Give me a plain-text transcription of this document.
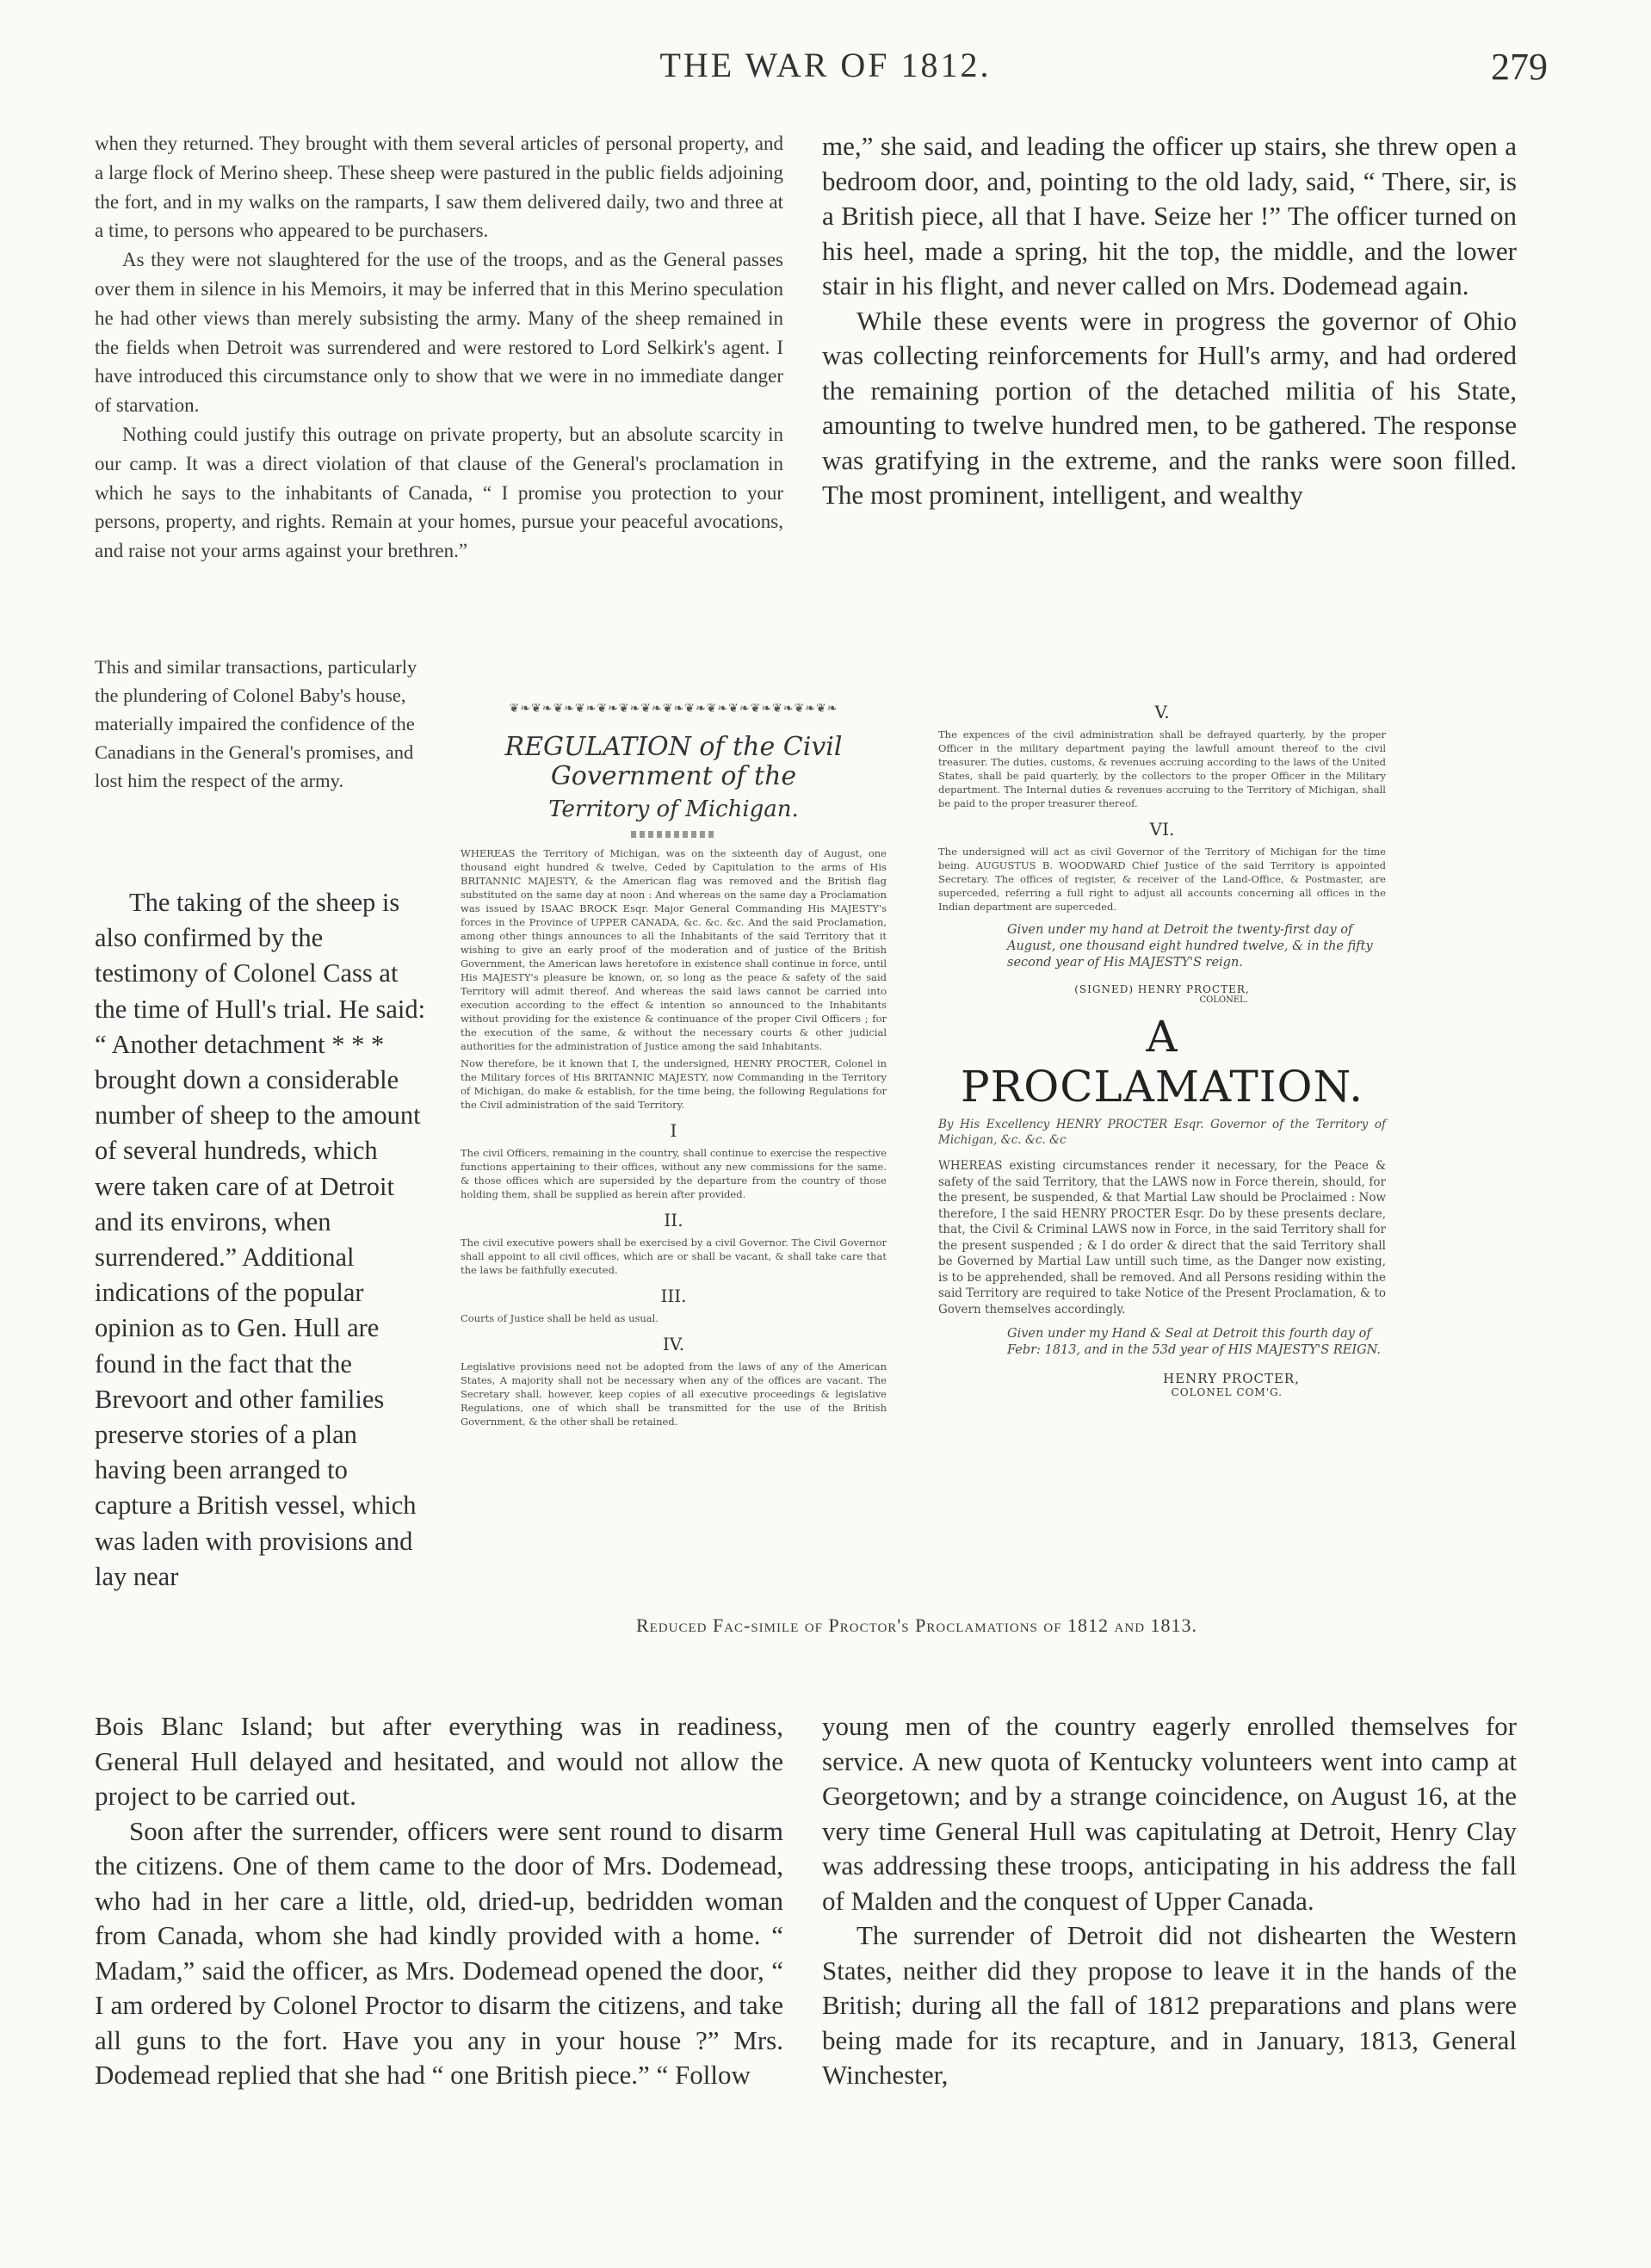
THE WAR OF 1812.	279

when they returned. They brought with them several articles of personal property, and a large flock of Merino sheep. These sheep were pastured in the public fields adjoining the fort, and in my walks on the ramparts, I saw them delivered daily, two and three at a time, to persons who appeared to be purchasers.

As they were not slaughtered for the use of the troops, and as the General passes over them in silence in his Memoirs, it may be inferred that in this Merino speculation he had other views than merely subsisting the army. Many of the sheep remained in the fields when Detroit was surrendered and were restored to Lord Selkirk's agent. I have introduced this circumstance only to show that we were in no immediate danger of starvation.

Nothing could justify this outrage on private property, but an absolute scarcity in our camp. It was a direct violation of that clause of the General's proclamation in which he says to the inhabitants of Canada, “ I promise you protection to your persons, property, and rights. Remain at your homes, pursue your peaceful avocations, and raise not your arms against your brethren.”

This and similar transactions, particularly the plundering of Colonel Baby's house, materially impaired the confidence of the Canadians in the General's promises, and lost him the respect of the army.

The taking of the sheep is also confirmed by the testimony of Colonel Cass at the time of Hull's trial. He said: “ Another detachment * * * brought down a considerable number of sheep to the amount of several hundreds, which were taken care of at Detroit and its environs, when surrendered.” Additional indications of the popular opinion as to Gen. Hull are found in the fact that the Brevoort and other families preserve stories of a plan having been arranged to capture a British vessel, which was laden with provisions and lay near

me,” she said, and leading the officer up stairs, she threw open a bedroom door, and, pointing to the old lady, said, “ There, sir, is a British piece, all that I have. Seize her !” The officer turned on his heel, made a spring, hit the top, the middle, and the lower stair in his flight, and never called on Mrs. Dodemead again.

While these events were in progress the governor of Ohio was collecting reinforcements for Hull's army, and had ordered the remaining portion of the detached militia of his State, amounting to twelve hundred men, to be gathered. The response was gratifying in the extreme, and the ranks were soon filled. The most prominent, intelligent, and wealthy

❦❧❦❧❦❧❦❧❦❧❦❧❦❧❦❧❦❧❦❧❦❧❦❧❦❧❦❧❦❧
REGULATION of the Civil Government of the
Territory of Michigan.

WHEREAS the Territory of Michigan, was on the sixteenth day of August, one thousand eight hundred & twelve, Ceded by Capitulation to the arms of His BRITANNIC MAJESTY, & the American flag was removed and the British flag substituted on the same day at noon : And whereas on the same day a Proclamation was issued by ISAAC BROCK Esqr. Major General Commanding His MAJESTY's forces in the Province of UPPER CANADA, &c. &c. &c. And the said Proclamation, among other things announces to all the Inhabitants of the said Territory that it wishing to give an early proof of the moderation and of justice of the British Government, the American laws heretofore in existence shall continue in force, until His MAJESTY's pleasure be known, or, so long as the peace & safety of the said Territory will admit thereof. And whereas the said laws cannot be carried into execution according to the effect & intention so announced to the Inhabitants without providing for the existence & continuance of the proper Civil Officers ; for the execution of the same, & without the necessary courts & other judicial authorities for the administration of Justice among the said Inhabitants.

Now therefore, be it known that I, the undersigned, HENRY PROCTER, Colonel in the Military forces of His BRITANNIC MAJESTY, now Commanding in the Territory of Michigan, do make & establish, for the time being, the following Regulations for the Civil administration of the said Territory.

I

The civil Officers, remaining in the country, shall continue to exercise the respective functions appertaining to their offices, without any new commissions for the same. & those offices which are supersided by the departure from the country of those holding them, shall be supplied as herein after provided.

II.

The civil executive powers shall be exercised by a civil Governor. The Civil Governor shall appoint to all civil offices, which are or shall be vacant, & shall take care that the laws be faithfully executed.

III.

Courts of Justice shall be held as usual.

IV.

Legislative provisions need not be adopted from the laws of any of the American States, A majority shall not be necessary when any of the offices are vacant. The Secretary shall, however, keep copies of all executive proceedings & legislative Regulations, one of which shall be transmitted for the use of the British Government, & the other shall be retained.

V.

The expences of the civil administration shall be defrayed quarterly, by the proper Officer in the military department paying the lawfull amount thereof to the civil treasurer. The duties, customs, & revenues accruing according to the laws of the United States, shall be paid quarterly, by the collectors to the proper Officer in the Military department. The Internal duties & revenues accruing to the Territory of Michigan, shall be paid to the proper treasurer thereof.

VI.

The undersigned will act as civil Governor of the Territory of Michigan for the time being. AUGUSTUS B. WOODWARD Chief Justice of the said Territory is appointed Secretary. The offices of register, & receiver of the Land-Office, & Postmaster, are superceded, referring a full right to adjust all accounts concerning all offices in the Indian department are superceded.

Given under my hand at Detroit the twenty-first day of August, one thousand eight hundred twelve, & in the fifty second year of His MAJESTY'S reign.

(SIGNED) HENRY PROCTER,
COLONEL.
A PROCLAMATION.

By His Excellency HENRY PROCTER Esqr. Governor of the Territory of Michigan, &c. &c. &c

WHEREAS existing circumstances render it necessary, for the Peace & safety of the said Territory, that the LAWS now in Force therein, should, for the present, be suspended, & that Martial Law should be Proclaimed : Now therefore, I the said HENRY PROCTER Esqr. Do by these presents declare, that, the Civil & Criminal LAWS now in Force, in the said Territory shall for the present suspended ; & I do order & direct that the said Territory shall be Governed by Martial Law untill such time, as the Danger now existing, is to be apprehended, shall be removed. And all Persons residing within the said Territory are required to take Notice of the Present Proclamation, & to Govern themselves accordingly.

Given under my Hand & Seal at Detroit this fourth day of Febr: 1813, and in the 53d year of HIS MAJESTY'S REIGN.

HENRY PROCTER,
COLONEL COM'G.
Reduced Fac-simile of Proctor's Proclamations of 1812 and 1813.

Bois Blanc Island; but after everything was in readiness, General Hull delayed and hesitated, and would not allow the project to be carried out.

Soon after the surrender, officers were sent round to disarm the citizens. One of them came to the door of Mrs. Dodemead, who had in her care a little, old, dried-up, bedridden woman from Canada, whom she had kindly provided with a home. “ Madam,” said the officer, as Mrs. Dodemead opened the door, “ I am ordered by Colonel Proctor to disarm the citizens, and take all guns to the fort. Have you any in your house ?” Mrs. Dodemead replied that she had “ one British piece.” “ Follow

young men of the country eagerly enrolled themselves for service. A new quota of Kentucky volunteers went into camp at Georgetown; and by a strange coincidence, on August 16, at the very time General Hull was capitulating at Detroit, Henry Clay was addressing these troops, anticipating in his address the fall of Malden and the conquest of Upper Canada.

The surrender of Detroit did not dishearten the Western States, neither did they propose to leave it in the hands of the British; during all the fall of 1812 preparations and plans were being made for its recapture, and in January, 1813, General Winchester,
